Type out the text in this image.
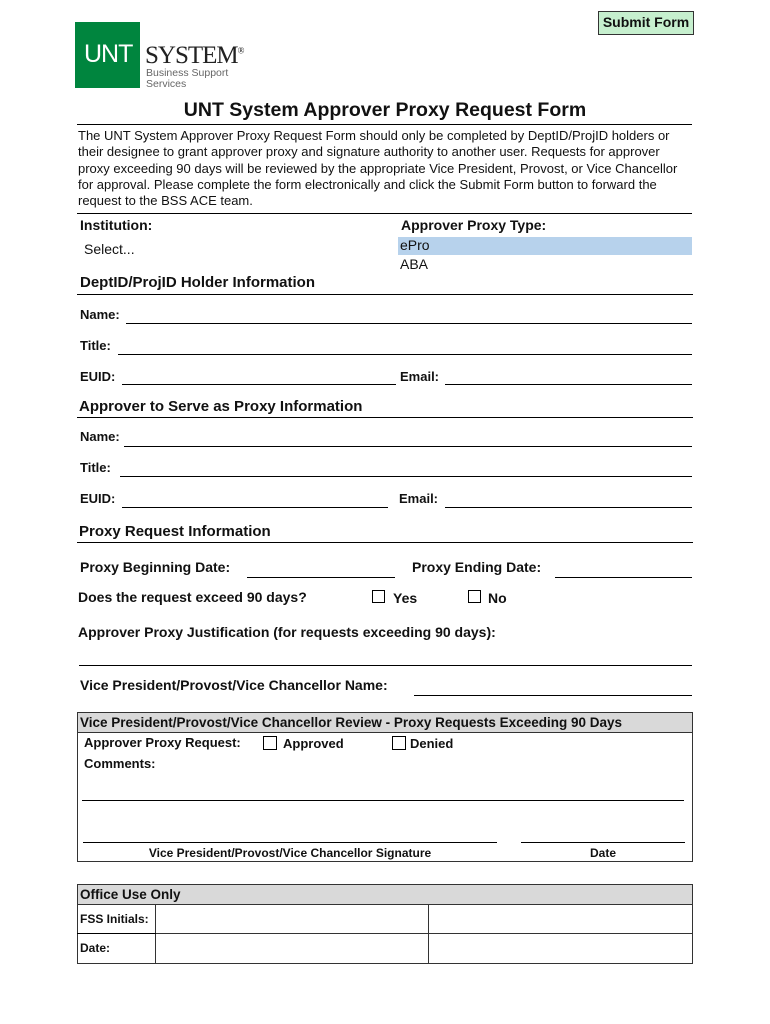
Submit Form
UNT SYSTEM®
Business Support
Services
UNT System Approver Proxy Request Form
The UNT System Approver Proxy Request Form should only be completed by DeptID/ProjID holders or their designee to grant approver proxy and signature authority to another user. Requests for approver proxy exceeding 90 days will be reviewed by the appropriate Vice President, Provost, or Vice Chancellor for approval. Please complete the form electronically and click the Submit Form button to forward the request to the BSS ACE team.
Institution:
Select...
Approver Proxy Type:
ePro
ABA
DeptID/ProjID Holder Information
Name:
Title:
EUID:	Email:
Approver to Serve as Proxy Information
Name:
Title:
EUID:	Email:
Proxy Request Information
Proxy Beginning Date:	Proxy Ending Date:
Does the request exceed 90 days?	Yes	No
Approver Proxy Justification (for requests exceeding 90 days):
Vice President/Provost/Vice Chancellor Name:
Vice President/Provost/Vice Chancellor Review - Proxy Requests Exceeding 90 Days
Approver Proxy Request:	Approved	Denied
Comments:
Vice President/Provost/Vice Chancellor Signature	Date
Office Use Only
FSS Initials:
Date:
